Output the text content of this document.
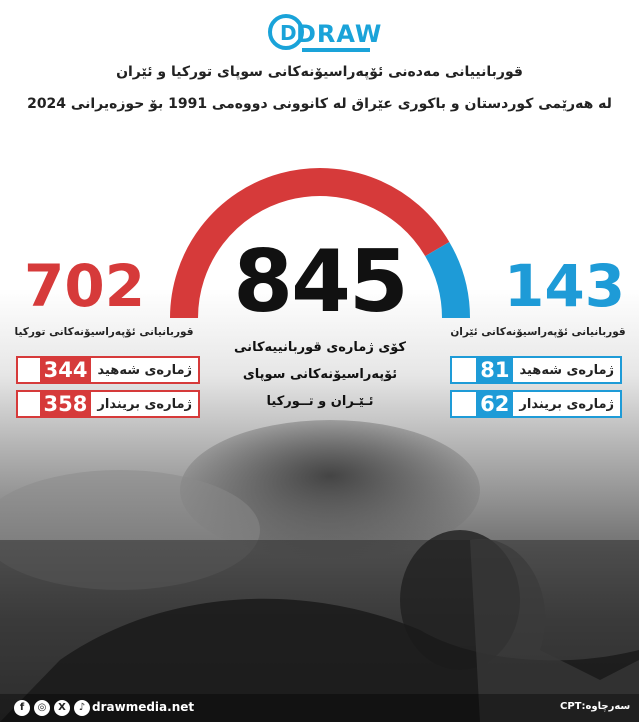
D DRAW
قوربانییانی مەدەنی ئۆپەراسیۆنەکانی سوپای تورکیا و ئێران
لە هەرێمی کوردستان و باکوری عێراق لە کانوونی دووەمی 1991 بۆ حوزەیرانی 2024
845
کۆی ژمارەی قوربانییەکانی
ئۆپەراسیۆنەکانی سوپای
ئـێـران و تــورکیا
702
قوربانیانی ئۆپەراسیۆنەکانی تورکیا
ژمارەی شەهید
344
ژمارەی بریندار
358
143
قوربانیانی ئۆپەراسیۆنەکانی ئێران
ژمارەی شەهید
81
ژمارەی بریندار
62
f	◎	X	♪ drawmedia.net	سەرچاوە:CPT
